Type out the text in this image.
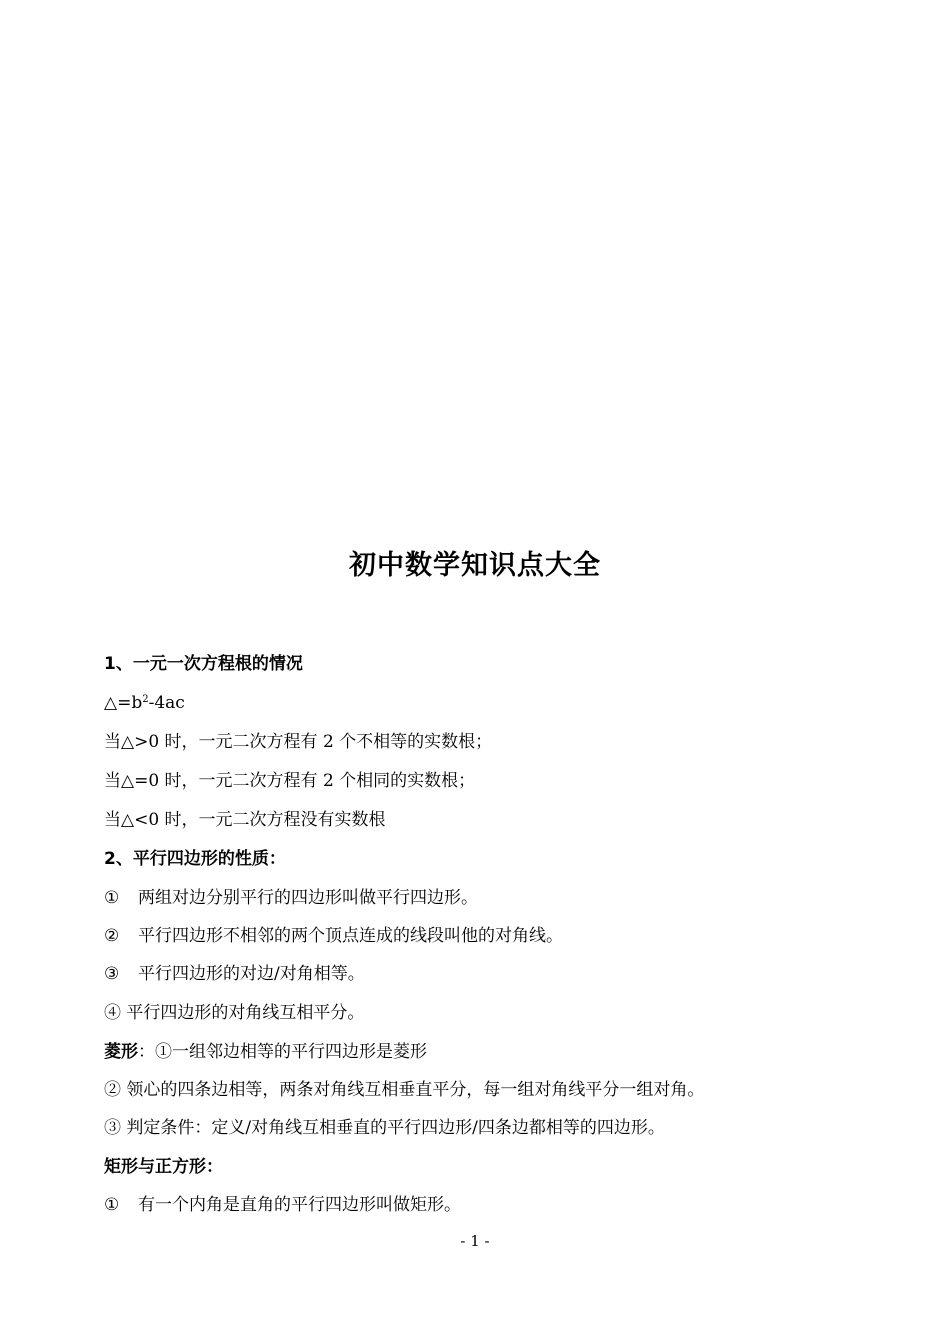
初中数学知识点大全
1、一元一次方程根的情况
$\triangle=b^2-4ac$
当△>0 时，一元二次方程有 2 个不相等的实数根；
当△=0 时，一元二次方程有 2 个相同的实数根；
当△<0 时，一元二次方程没有实数根
2、平行四边形的性质：
① 两组对边分别平行的四边形叫做平行四边形。
② 平行四边形不相邻的两个顶点连成的线段叫他的对角线。
③ 平行四边形的对边/对角相等。
④ 平行四边形的对角线互相平分。
菱形：①一组邻边相等的平行四边形是菱形
② 领心的四条边相等，两条对角线互相垂直平分，每一组对角线平分一组对角。
③ 判定条件：定义/对角线互相垂直的平行四边形/四条边都相等的四边形。
矩形与正方形：
① 有一个内角是直角的平行四边形叫做矩形。
- 1 -
